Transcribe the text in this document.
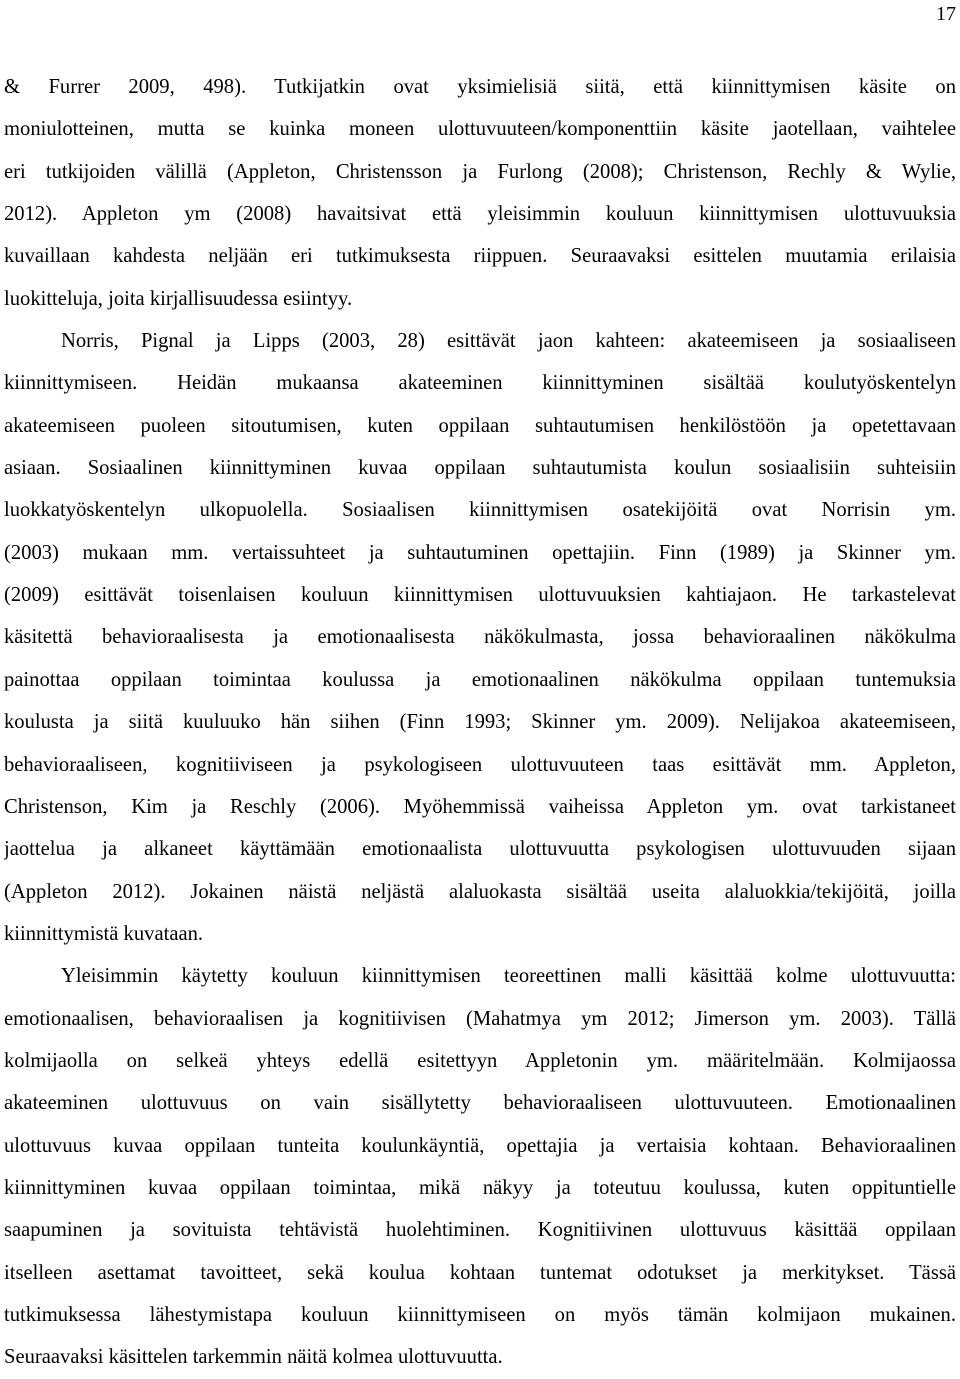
17
& Furrer 2009, 498). Tutkijatkin ovat yksimielisiä siitä, että kiinnittymisen käsite on
moniulotteinen, mutta se kuinka moneen ulottuvuuteen/komponenttiin käsite jaotellaan, vaihtelee
eri tutkijoiden välillä (Appleton, Christensson ja Furlong (2008); Christenson, Rechly & Wylie,
2012). Appleton ym (2008) havaitsivat että yleisimmin kouluun kiinnittymisen ulottuvuuksia
kuvaillaan kahdesta neljään eri tutkimuksesta riippuen. Seuraavaksi esittelen muutamia erilaisia
luokitteluja, joita kirjallisuudessa esiintyy.
Norris, Pignal ja Lipps (2003, 28) esittävät jaon kahteen: akateemiseen ja sosiaaliseen
kiinnittymiseen. Heidän mukaansa akateeminen kiinnittyminen sisältää koulutyöskentelyn
akateemiseen puoleen sitoutumisen, kuten oppilaan suhtautumisen henkilöstöön ja opetettavaan
asiaan. Sosiaalinen kiinnittyminen kuvaa oppilaan suhtautumista koulun sosiaalisiin suhteisiin
luokkatyöskentelyn ulkopuolella. Sosiaalisen kiinnittymisen osatekijöitä ovat Norrisin ym.
(2003) mukaan mm. vertaissuhteet ja suhtautuminen opettajiin. Finn (1989) ja Skinner ym.
(2009) esittävät toisenlaisen kouluun kiinnittymisen ulottuvuuksien kahtiajaon. He tarkastelevat
käsitettä behavioraalisesta ja emotionaalisesta näkökulmasta, jossa behavioraalinen näkökulma
painottaa oppilaan toimintaa koulussa ja emotionaalinen näkökulma oppilaan tuntemuksia
koulusta ja siitä kuuluuko hän siihen (Finn 1993; Skinner ym. 2009). Nelijakoa akateemiseen,
behavioraaliseen, kognitiiviseen ja psykologiseen ulottuvuuteen taas esittävät mm. Appleton,
Christenson, Kim ja Reschly (2006). Myöhemmissä vaiheissa Appleton ym. ovat tarkistaneet
jaottelua ja alkaneet käyttämään emotionaalista ulottuvuutta psykologisen ulottuvuuden sijaan
(Appleton 2012). Jokainen näistä neljästä alaluokasta sisältää useita alaluokkia/tekijöitä, joilla
kiinnittymistä kuvataan.
Yleisimmin käytetty kouluun kiinnittymisen teoreettinen malli käsittää kolme ulottuvuutta:
emotionaalisen, behavioraalisen ja kognitiivisen (Mahatmya ym 2012; Jimerson ym. 2003). Tällä
kolmijaolla on selkeä yhteys edellä esitettyyn Appletonin ym. määritelmään. Kolmijaossa
akateeminen ulottuvuus on vain sisällytetty behavioraaliseen ulottuvuuteen. Emotionaalinen
ulottuvuus kuvaa oppilaan tunteita koulunkäyntiä, opettajia ja vertaisia kohtaan. Behavioraalinen
kiinnittyminen kuvaa oppilaan toimintaa, mikä näkyy ja toteutuu koulussa, kuten oppituntielle
saapuminen ja sovituista tehtävistä huolehtiminen. Kognitiivinen ulottuvuus käsittää oppilaan
itselleen asettamat tavoitteet, sekä koulua kohtaan tuntemat odotukset ja merkitykset. Tässä
tutkimuksessa lähestymistapa kouluun kiinnittymiseen on myös tämän kolmijaon mukainen.
Seuraavaksi käsittelen tarkemmin näitä kolmea ulottuvuutta.
